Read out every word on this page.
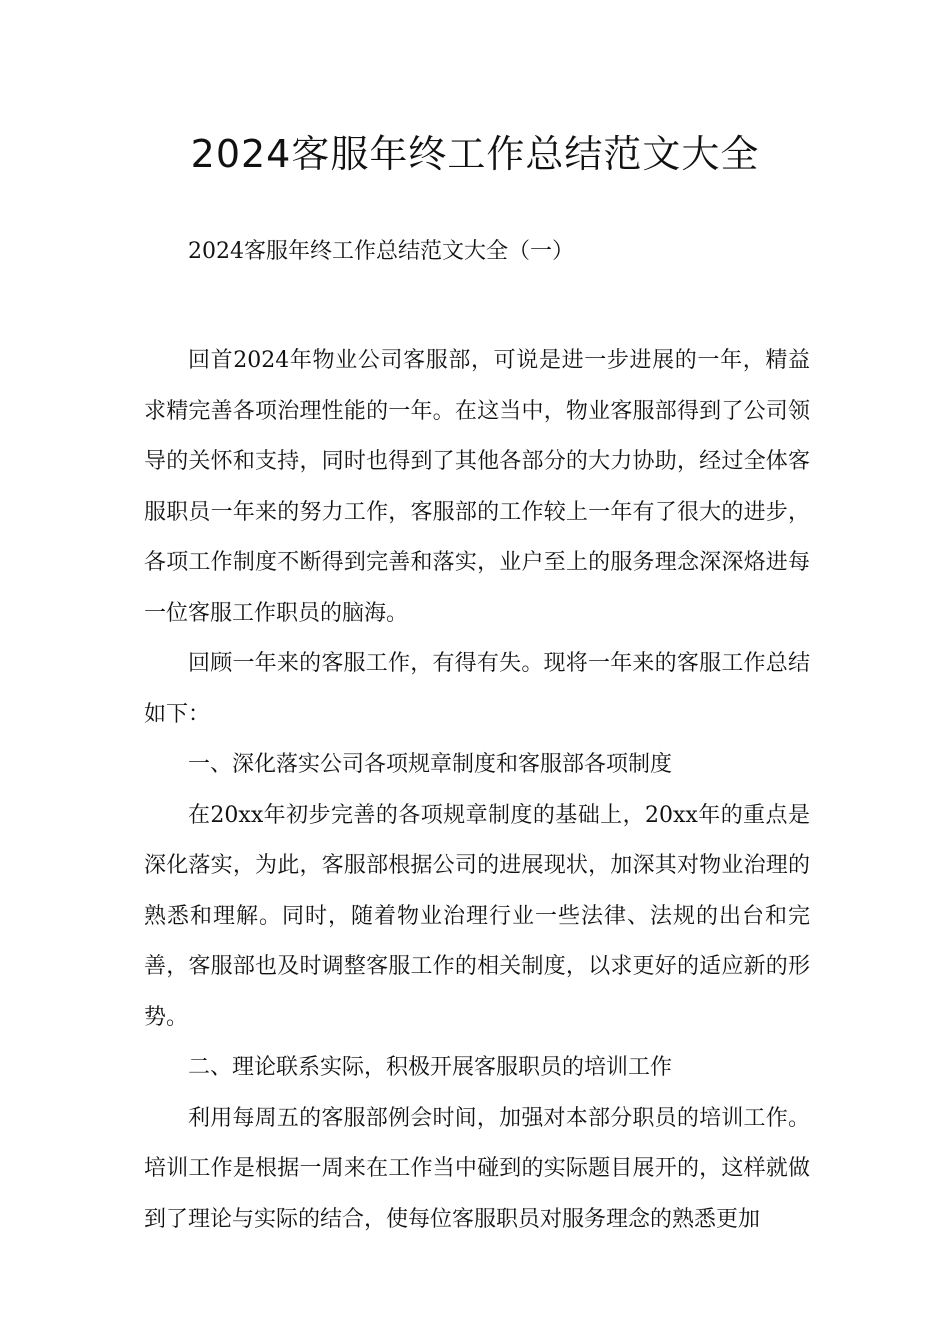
2024客服年终工作总结范文大全

2024客服年终工作总结范文大全（一）

回首2024年物业公司客服部，可说是进一步进展的一年，精益求精完善各项治理性能的一年。在这当中，物业客服部得到了公司领导的关怀和支持，同时也得到了其他各部分的大力协助，经过全体客服职员一年来的努力工作，客服部的工作较上一年有了很大的进步，各项工作制度不断得到完善和落实，业户至上的服务理念深深烙进每一位客服工作职员的脑海。

回顾一年来的客服工作，有得有失。现将一年来的客服工作总结如下：

一、深化落实公司各项规章制度和客服部各项制度

在20xx年初步完善的各项规章制度的基础上，20xx年的重点是深化落实，为此，客服部根据公司的进展现状，加深其对物业治理的熟悉和理解。同时，随着物业治理行业一些法律、法规的出台和完善，客服部也及时调整客服工作的相关制度，以求更好的适应新的形势。

二、理论联系实际，积极开展客服职员的培训工作

利用每周五的客服部例会时间，加强对本部分职员的培训工作。培训工作是根据一周来在工作当中碰到的实际题目展开的，这样就做到了理论与实际的结合，使每位客服职员对服务理念的熟悉更加
